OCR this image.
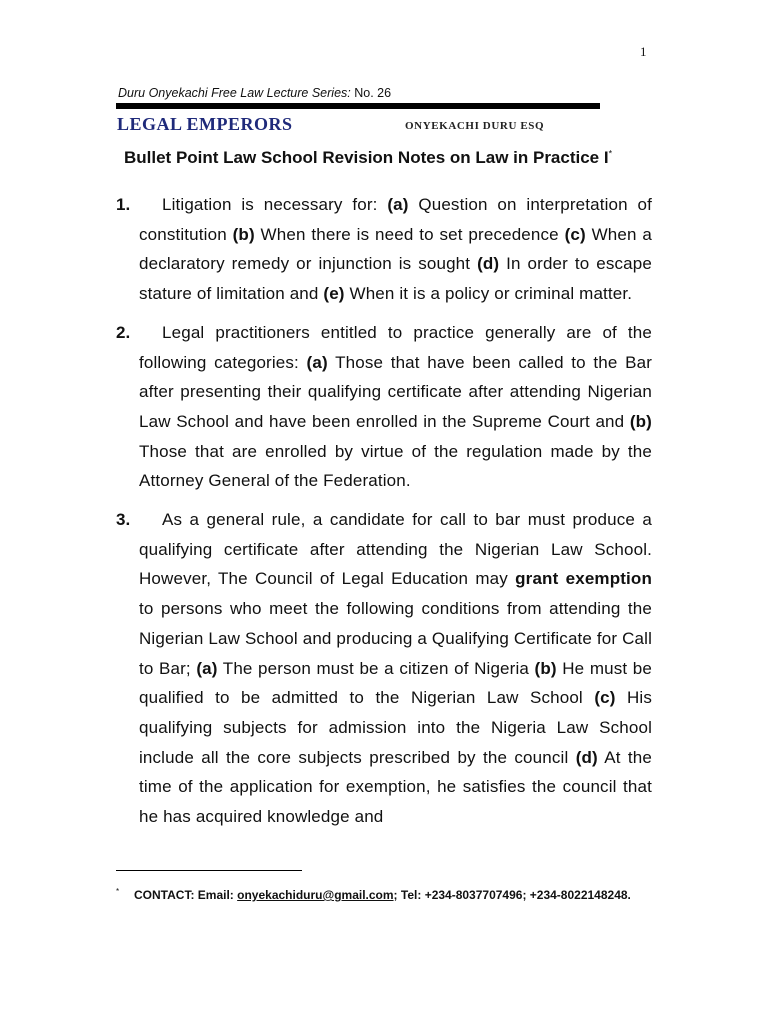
1
Duru Onyekachi Free Law Lecture Series: No. 26
LEGAL EMPERORS	ONYEKACHI DURU ESQ
Bullet Point Law School Revision Notes on Law in Practice I*
1.	Litigation is necessary for: (a) Question on interpretation of constitution (b) When there is need to set precedence (c) When a declaratory remedy or injunction is sought (d) In order to escape stature of limitation and (e) When it is a policy or criminal matter.
2.	Legal practitioners entitled to practice generally are of the following categories: (a) Those that have been called to the Bar after presenting their qualifying certificate after attending Nigerian Law School and have been enrolled in the Supreme Court and (b) Those that are enrolled by virtue of the regulation made by the Attorney General of the Federation.
3.	As a general rule, a candidate for call to bar must produce a qualifying certificate after attending the Nigerian Law School. However, The Council of Legal Education may grant exemption to persons who meet the following conditions from attending the Nigerian Law School and producing a Qualifying Certificate for Call to Bar; (a) The person must be a citizen of Nigeria (b) He must be qualified to be admitted to the Nigerian Law School (c) His qualifying subjects for admission into the Nigeria Law School include all the core subjects prescribed by the council (d) At the time of the application for exemption, he satisfies the council that he has acquired knowledge and
*	CONTACT: Email: onyekachiduru@gmail.com; Tel: +234-8037707496; +234-8022148248.
